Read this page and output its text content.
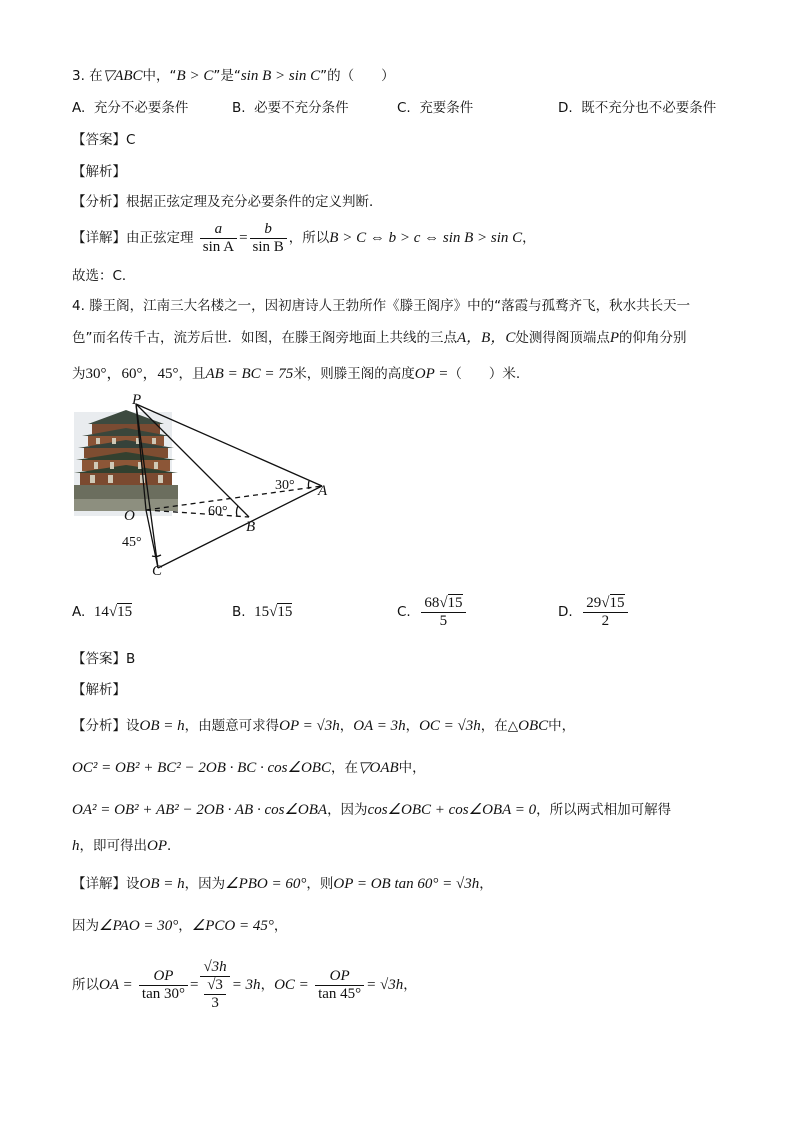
3. 在▽ABC中，“B > C”是“sin B > sin C”的（　　）
A. 充分不必要条件	B. 必要不充分条件	C. 充要条件	D. 既不充分也不必要条件
【答案】C
【解析】
【分析】根据正弦定理及充分必要条件的定义判断．
【详解】由正弦定理 $\frac{a}{\text{sin A}} = \frac{b}{\text{sin B}}$ ，所以B > C ⇔ b > c ⇔ sin B > sin C，
故选：C．
4. 滕王阁，江南三大名楼之一，因初唐诗人王勃所作《滕王阁序》中的“落霞与孤鹜齐飞，秋水共长天一
色”而名传千古，流芳后世．如图，在滕王阁旁地面上共线的三点A，B，C处测得阁顶端点P的仰角分别
为30°，60°，45°，且AB = BC = 75米，则滕王阁的高度OP =（　　）米.
P
O
A
B
C
30°
60°
45°
A. 14√15	B. 15√15	C. $\frac{68√15}{5}$	D. $\frac{29√15}{2}$
【答案】B
【解析】
【分析】设OB = h，由题意可求得OP = √3h，OA = 3h，OC = √3h，在△OBC中，
OC² = OB² + BC² − 2OB · BC · cos∠OBC，在▽OAB中，
OA² = OB² + AB² − 2OB · AB · cos∠OBA，因为cos∠OBC + cos∠OBA = 0，所以两式相加可解得
h，即可得出OP．
【详解】设OB = h，因为∠PBO = 60°，则OP = OB tan 60° = √3h，
因为∠PAO = 30°，∠PCO = 45°，
所以OA = $\frac{OP}{\tan 30^\circ} = \frac{√3h}{\frac{√3}{3}} = 3h$，OC = $\frac{OP}{\tan 45^\circ} = √3h$，
